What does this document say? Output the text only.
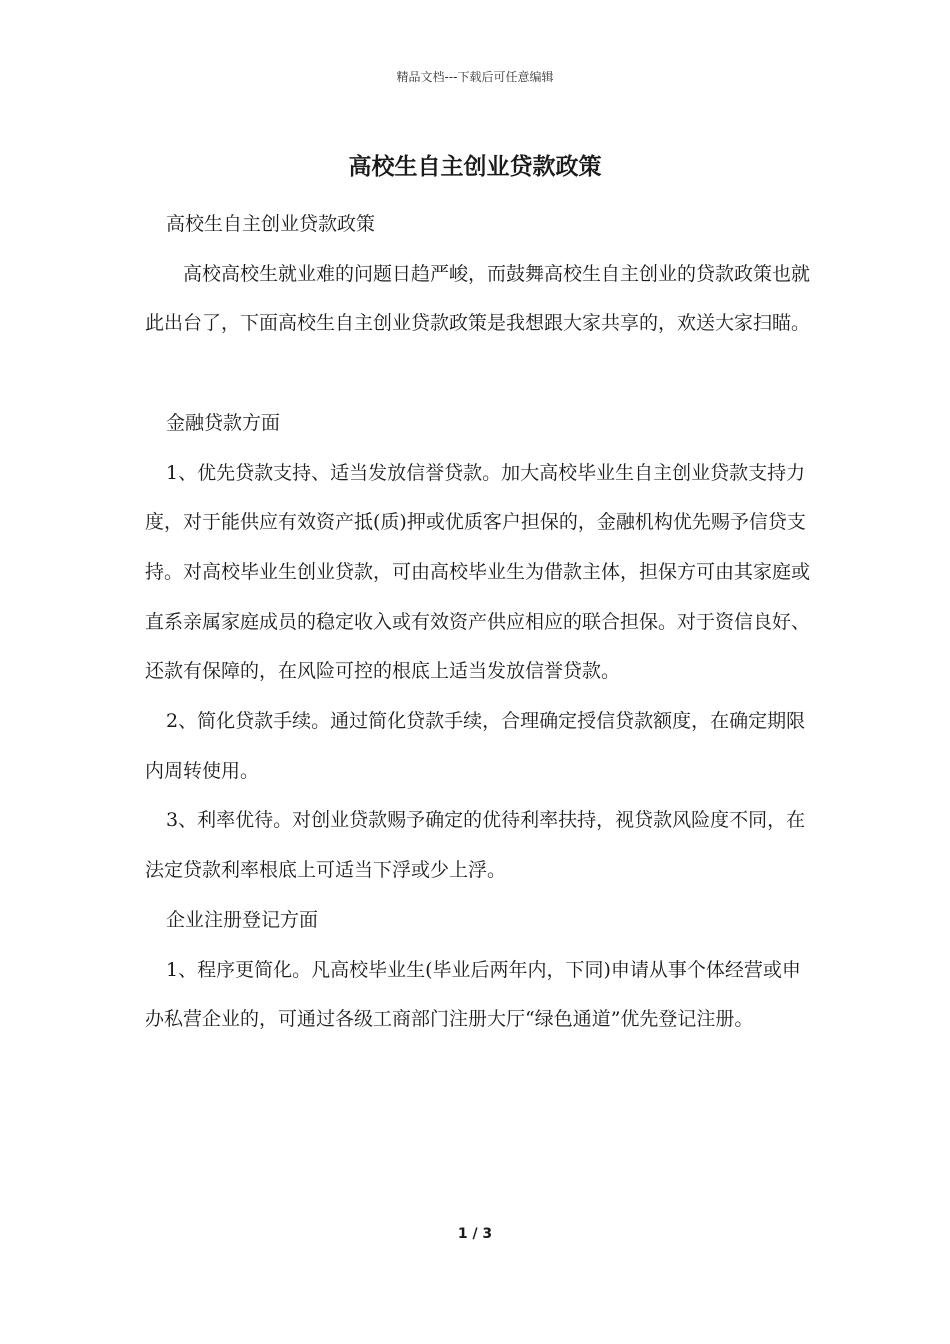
精品文档---下载后可任意编辑
高校生自主创业贷款政策

高校生自主创业贷款政策

高校高校生就业难的问题日趋严峻，而鼓舞高校生自主创业的贷款政策也就此出台了，下面高校生自主创业贷款政策是我想跟大家共享的，欢送大家扫瞄。

金融贷款方面

1、优先贷款支持、适当发放信誉贷款。加大高校毕业生自主创业贷款支持力度，对于能供应有效资产抵(质)押或优质客户担保的，金融机构优先赐予信贷支持。对高校毕业生创业贷款，可由高校毕业生为借款主体，担保方可由其家庭或直系亲属家庭成员的稳定收入或有效资产供应相应的联合担保。对于资信良好、还款有保障的，在风险可控的根底上适当发放信誉贷款。

2、简化贷款手续。通过简化贷款手续，合理确定授信贷款额度，在确定期限内周转使用。

3、利率优待。对创业贷款赐予确定的优待利率扶持，视贷款风险度不同，在法定贷款利率根底上可适当下浮或少上浮。

企业注册登记方面

1、程序更简化。凡高校毕业生(毕业后两年内，下同)申请从事个体经营或申办私营企业的，可通过各级工商部门注册大厅“绿色通道”优先登记注册。

1 / 3
